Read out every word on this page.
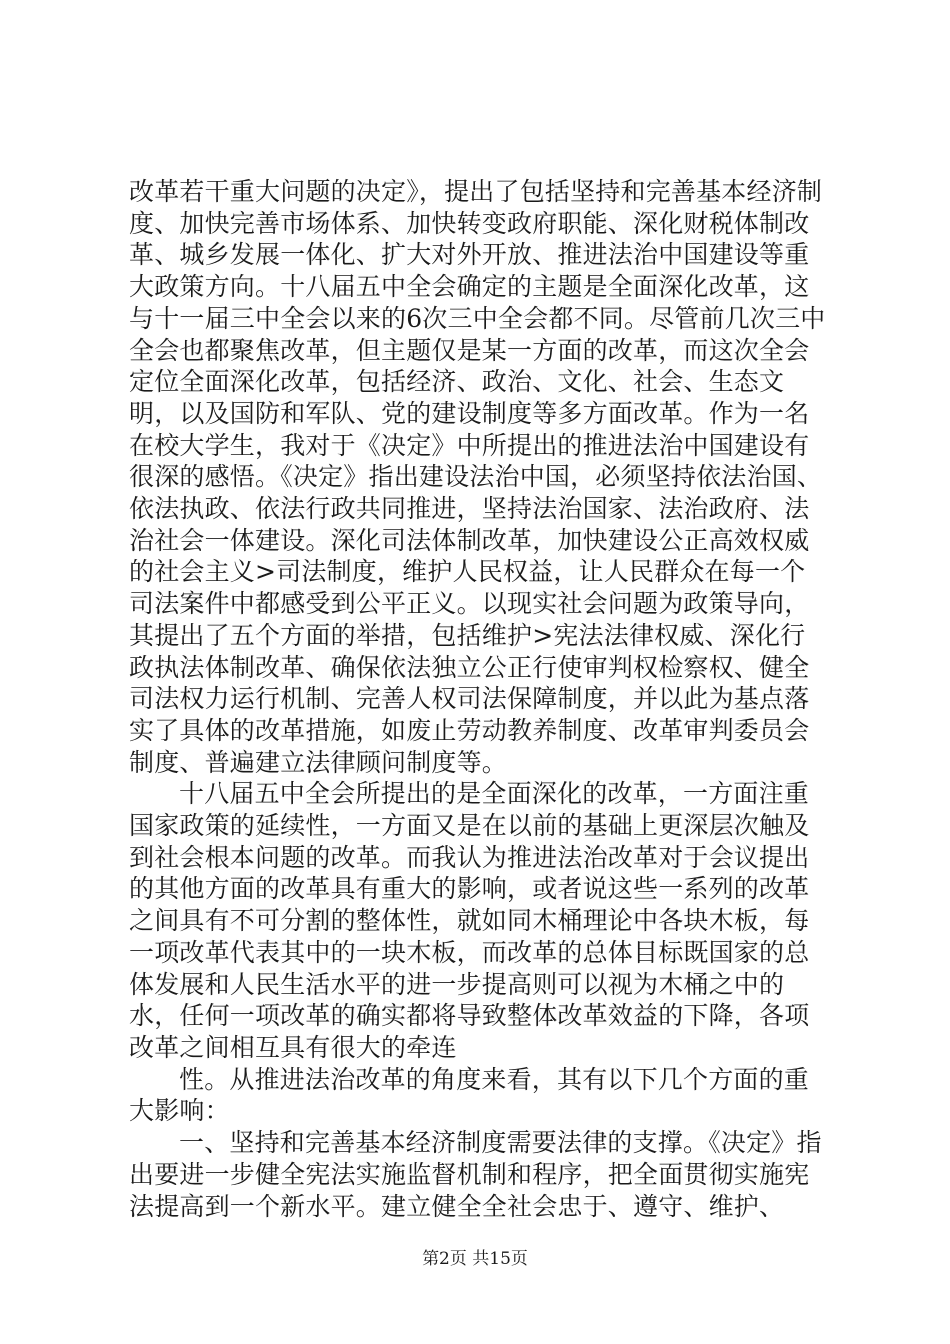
改革若干重大问题的决定》，提出了包括坚持和完善基本经济制度、加快完善市场体系、加快转变政府职能、深化财税体制改革、城乡发展一体化、扩大对外开放、推进法治中国建设等重大政策方向。十八届五中全会确定的主题是全面深化改革，这与十一届三中全会以来的6次三中全会都不同。尽管前几次三中全会也都聚焦改革，但主题仅是某一方面的改革，而这次全会定位全面深化改革，包括经济、政治、文化、社会、生态文明，以及国防和军队、党的建设制度等多方面改革。作为一名在校大学生，我对于《决定》中所提出的推进法治中国建设有很深的感悟。《决定》指出建设法治中国，必须坚持依法治国、依法执政、依法行政共同推进，坚持法治国家、法治政府、法治社会一体建设。深化司法体制改革，加快建设公正高效权威的社会主义>司法制度，维护人民权益，让人民群众在每一个司法案件中都感受到公平正义。以现实社会问题为政策导向，其提出了五个方面的举措，包括维护>宪法法律权威、深化行政执法体制改革、确保依法独立公正行使审判权检察权、健全司法权力运行机制、完善人权司法保障制度，并以此为基点落实了具体的改革措施，如废止劳动教养制度、改革审判委员会制度、普遍建立法律顾问制度等。

十八届五中全会所提出的是全面深化的改革，一方面注重国家政策的延续性，一方面又是在以前的基础上更深层次触及到社会根本问题的改革。而我认为推进法治改革对于会议提出的其他方面的改革具有重大的影响，或者说这些一系列的改革之间具有不可分割的整体性，就如同木桶理论中各块木板，每一项改革代表其中的一块木板，而改革的总体目标既国家的总体发展和人民生活水平的进一步提高则可以视为木桶之中的水，任何一项改革的确实都将导致整体改革效益的下降，各项改革之间相互具有很大的牵连

性。从推进法治改革的角度来看，其有以下几个方面的重大影响：

一、坚持和完善基本经济制度需要法律的支撑。《决定》指出要进一步健全宪法实施监督机制和程序，把全面贯彻实施宪法提高到一个新水平。建立健全全社会忠于、遵守、维护、

第2页 共15页
